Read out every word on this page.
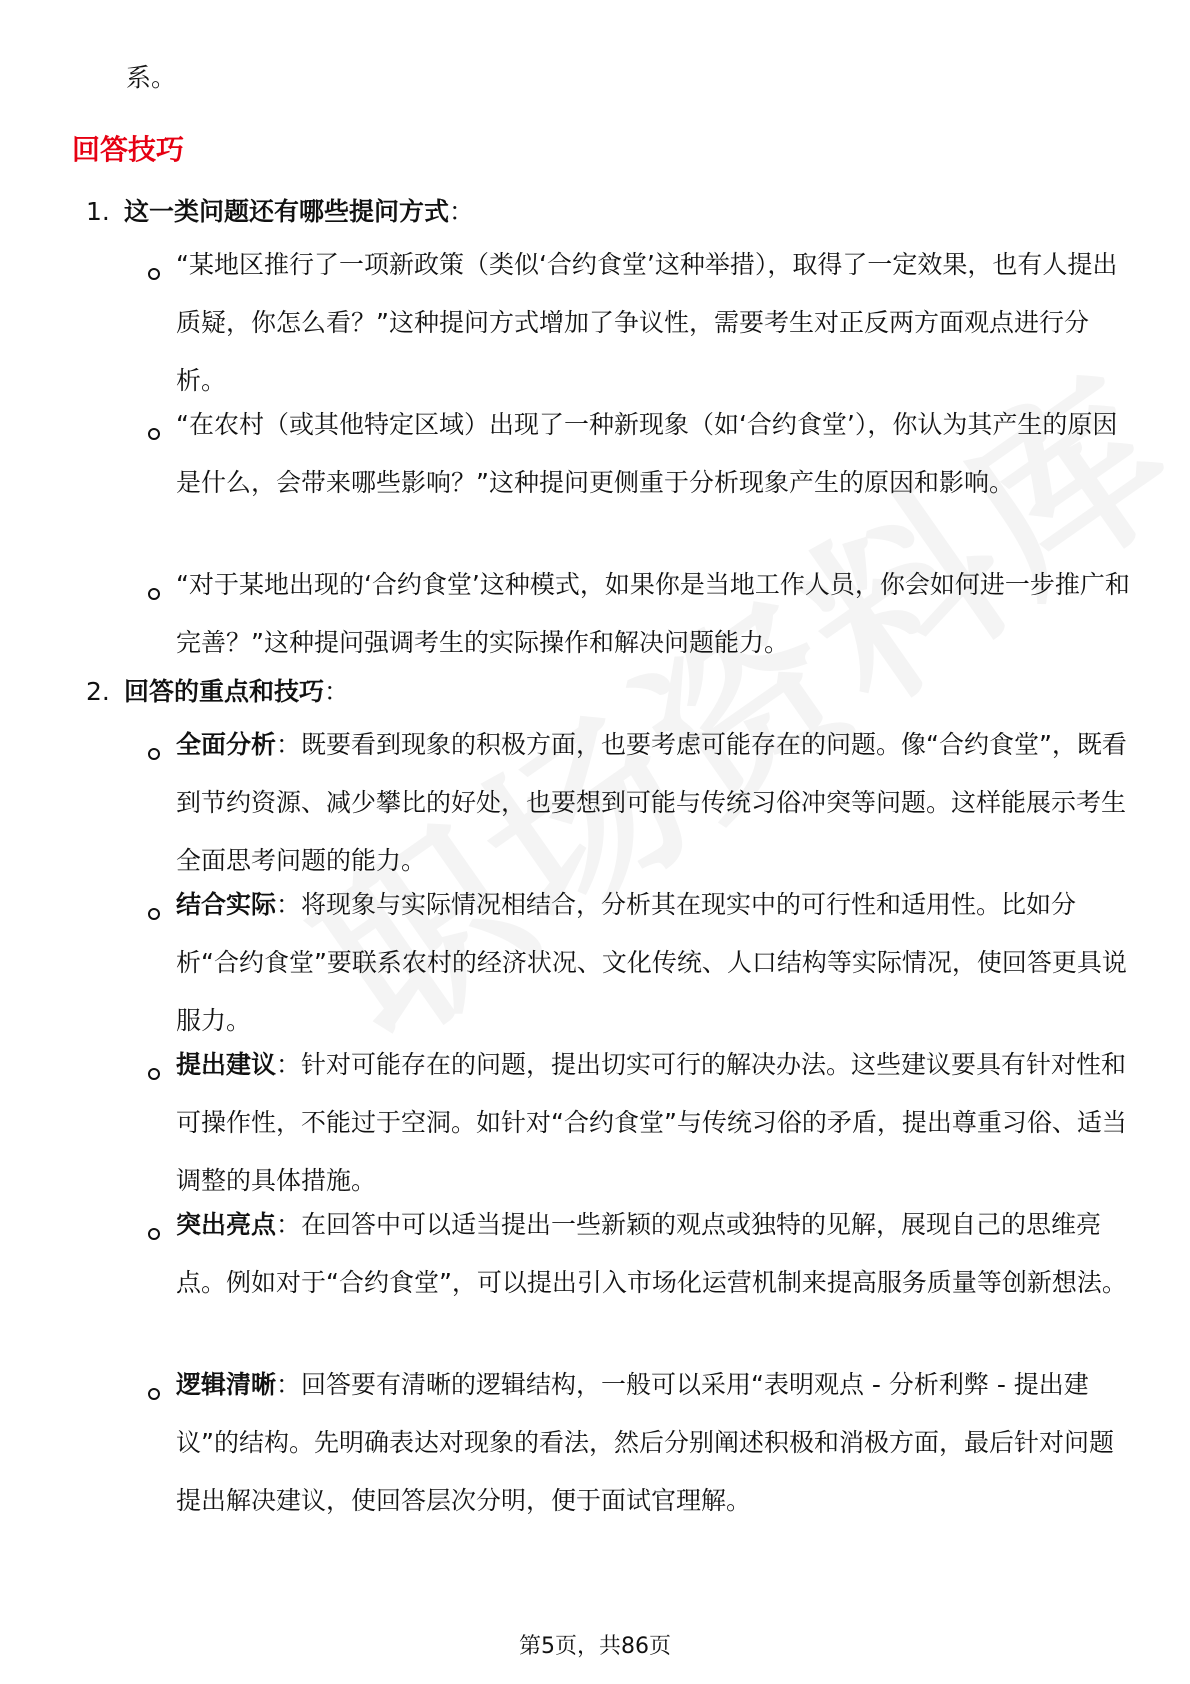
系。
回答技巧
1. 这一类问题还有哪些提问方式：
“某地区推行了一项新政策（类似‘合约食堂’这种举措），取得了一定效果，也有人提出质疑，你怎么看？”这种提问方式增加了争议性，需要考生对正反两方面观点进行分析。
“在农村（或其他特定区域）出现了一种新现象（如‘合约食堂’），你认为其产生的原因是什么，会带来哪些影响？”这种提问更侧重于分析现象产生的原因和影响。
“对于某地出现的‘合约食堂’这种模式，如果你是当地工作人员，你会如何进一步推广和完善？”这种提问强调考生的实际操作和解决问题能力。
2. 回答的重点和技巧：
全面分析：既要看到现象的积极方面，也要考虑可能存在的问题。像“合约食堂”，既看到节约资源、减少攀比的好处，也要想到可能与传统习俗冲突等问题。这样能展示考生全面思考问题的能力。
结合实际：将现象与实际情况相结合，分析其在现实中的可行性和适用性。比如分析“合约食堂”要联系农村的经济状况、文化传统、人口结构等实际情况，使回答更具说服力。
提出建议：针对可能存在的问题，提出切实可行的解决办法。这些建议要具有针对性和可操作性，不能过于空洞。如针对“合约食堂”与传统习俗的矛盾，提出尊重习俗、适当调整的具体措施。
突出亮点：在回答中可以适当提出一些新颖的观点或独特的见解，展现自己的思维亮点。例如对于“合约食堂”，可以提出引入市场化运营机制来提高服务质量等创新想法。
逻辑清晰：回答要有清晰的逻辑结构，一般可以采用“表明观点 - 分析利弊 - 提出建议”的结构。先明确表达对现象的看法，然后分别阐述积极和消极方面，最后针对问题提出解决建议，使回答层次分明，便于面试官理解。
第5页，共86页
